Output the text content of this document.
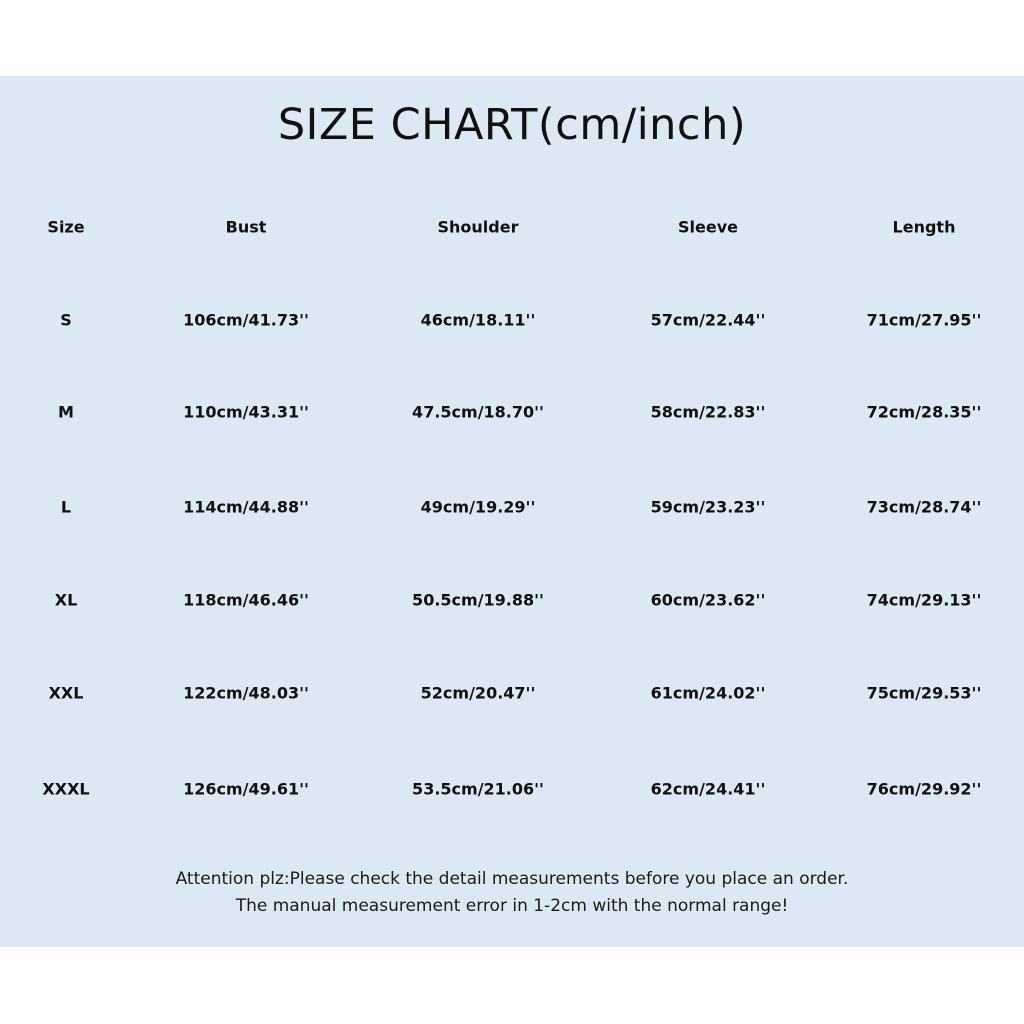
SIZE CHART(cm/inch)
Size	Bust	Shoulder	Sleeve	Length
S	106cm/41.73''	46cm/18.11''	57cm/22.44''	71cm/27.95''
M	110cm/43.31''	47.5cm/18.70''	58cm/22.83''	72cm/28.35''
L	114cm/44.88''	49cm/19.29''	59cm/23.23''	73cm/28.74''
XL	118cm/46.46''	50.5cm/19.88''	60cm/23.62''	74cm/29.13''
XXL	122cm/48.03''	52cm/20.47''	61cm/24.02''	75cm/29.53''
XXXL	126cm/49.61''	53.5cm/21.06''	62cm/24.41''	76cm/29.92''
Attention plz:Please check the detail measurements before you place an order.
The manual measurement error in 1-2cm with the normal range!
